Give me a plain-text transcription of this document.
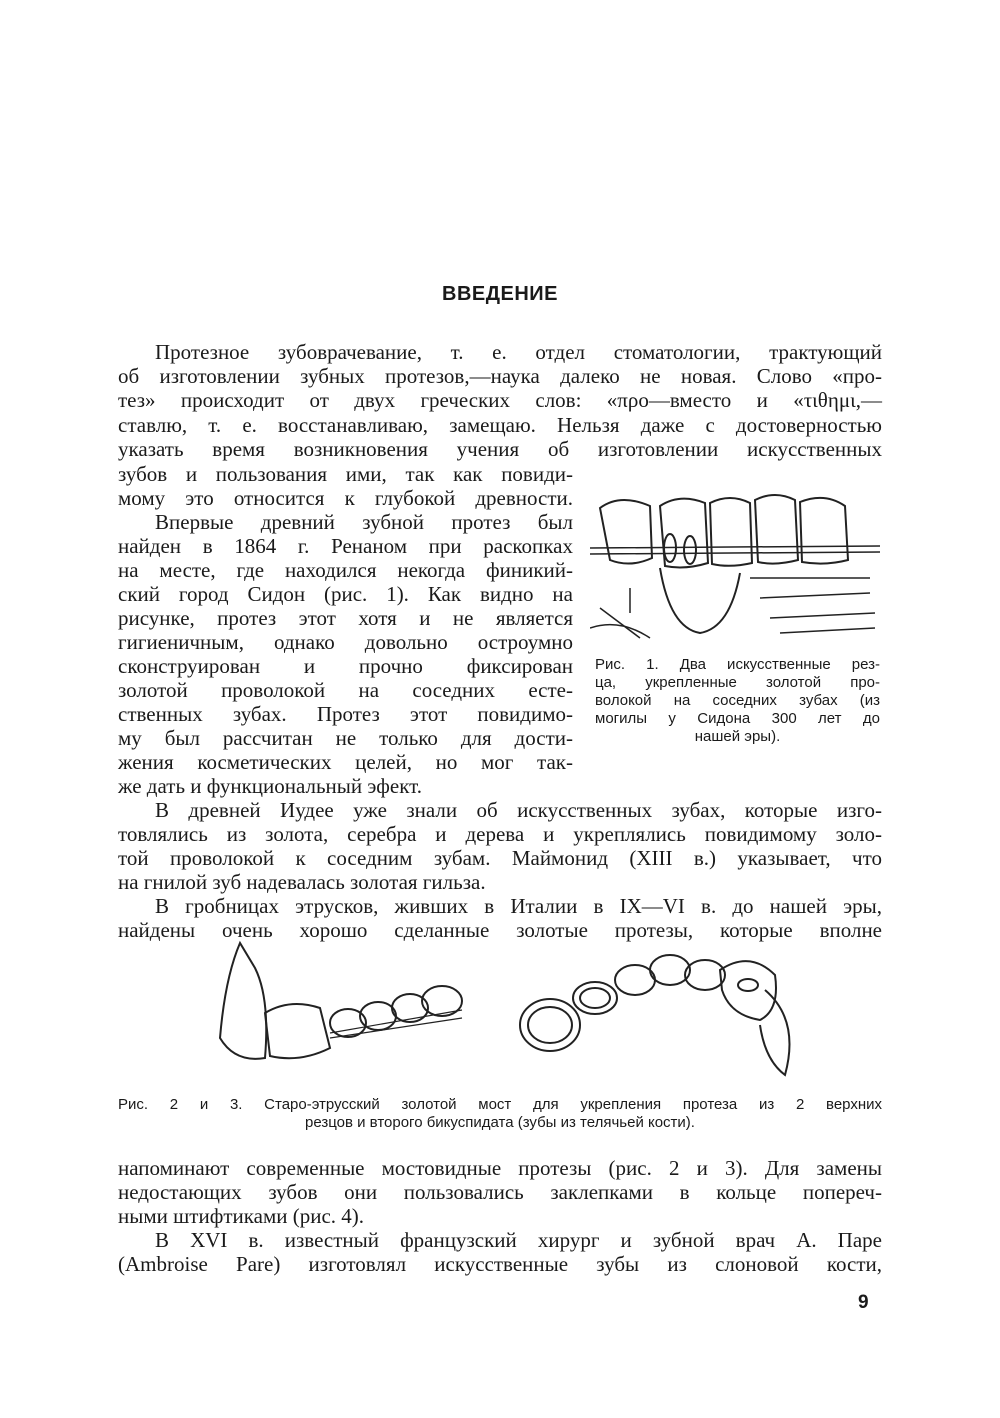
ВВЕДЕНИЕ
Протезное зубоврачевание, т. е. отдел стоматологии, трактующий
об изготовлении зубных протезов,—наука далеко не новая. Слово «про-
тез» происходит от двух греческих слов: «προ—вместо и «τιθημι,—
ставлю, т. е. восстанавливаю, замещаю. Нельзя даже с достоверностью
указать время возникновения учения об изготовлении искусственных
зубов и пользования ими, так как повиди-
мому это относится к глубокой древности.
Впервые древний зубной протез был
найден в 1864 г. Ренаном при раскопках
на месте, где находился некогда финикий-
ский город Сидон (рис. 1). Как видно на
рисунке, протез этот хотя и не является
гигиеничным, однако довольно остроумно
сконструирован и прочно фиксирован
золотой проволокой на соседних есте-
ственных зубах. Протез этот повидимо-
му был рассчитан не только для дости-
жения косметических целей, но мог так-
же дать и функциональный эфект.
В древней Иудее уже знали об искусственных зубах, которые изго-
товлялись из золота, серебра и дерева и укреплялись повидимому золо-
той проволокой к соседним зубам. Маймонид (XIII в.) указывает, что
на гнилой зуб надевалась золотая гильза.
В гробницах этрусков, живших в Италии в IX—VI в. до нашей эры,
найдены очень хорошо сделанные золотые протезы, которые вполне
Рис. 1. Два искусственные рез-
ца, укрепленные золотой про-
волокой на соседних зубах (из
могилы у Сидона 300 лет до
нашей эры).
Рис. 2 и 3. Старо-этрусский золотой мост для укрепления протеза из 2 верхних
резцов и второго бикуспидата (зубы из телячьей кости).
напоминают современные мостовидные протезы (рис. 2 и 3). Для замены
недостающих зубов они пользовались заклепками в кольце попереч-
ными штифтиками (рис. 4).
В XVI в. известный французский хирург и зубной врач А. Паре
(Ambroise Pare) изготовлял искусственные зубы из слоновой кости,
9
